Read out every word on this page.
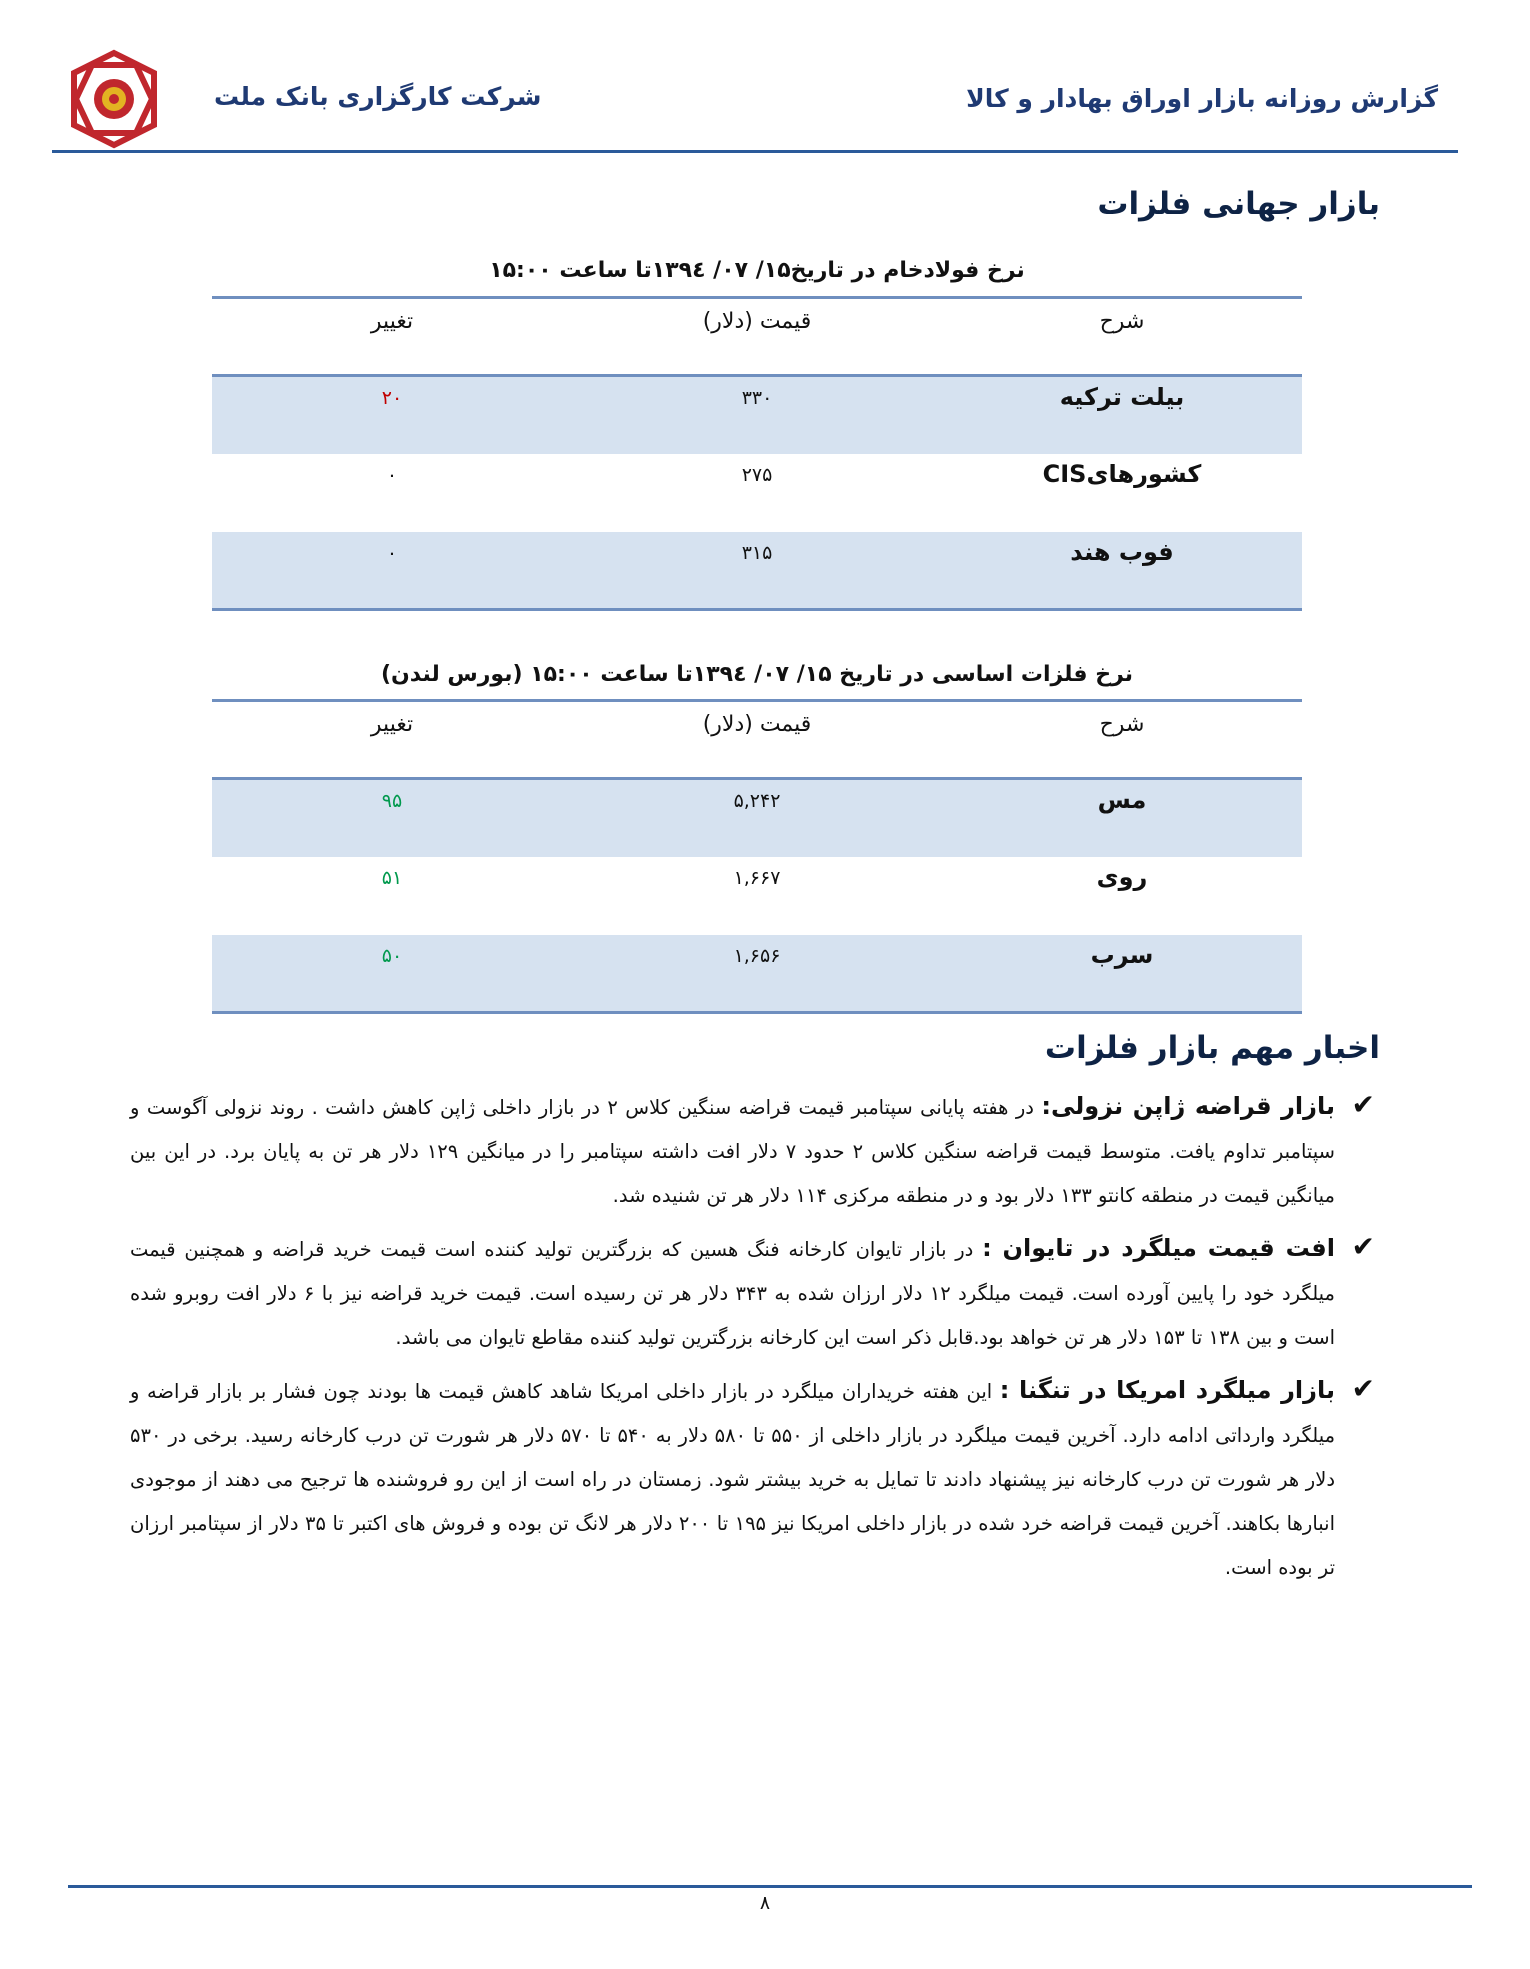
شرکت کارگزاری بانک ملت	گزارش روزانه بازار اوراق بهادار و کالا
بازار جهانی فلزات
نرخ فولادخام در تاریخ۱۵/ ۰۷/ ۱۳۹٤تا ساعت ۱۵:۰۰
تغییر	قیمت (دلار)	شرح
۲۰	۳۳۰	بیلت ترکیه
۰	۲۷۵	کشورهایCIS
۰	۳۱۵	فوب هند
نرخ فلزات اساسی در تاریخ ۱۵/ ۰۷/ ۱۳۹٤تا ساعت ۱۵:۰۰ (بورس لندن)
تغییر	قیمت (دلار)	شرح
۹۵	۵,۲۴۲	مس
۵۱	۱,۶۶۷	روی
۵۰	۱,۶۵۶	سرب
اخبار مهم بازار فلزات
✔
بازار قراضه ژاپن نزولی: در هفته پایانی سپتامبر قیمت قراضه سنگین کلاس ۲ در بازار داخلی ژاپن کاهش داشت . روند نزولی آگوست و سپتامبر تداوم یافت. متوسط قیمت قراضه سنگین کلاس ۲ حدود ۷ دلار افت داشته سپتامبر را در میانگین ۱۲۹ دلار هر تن به پایان برد. در این بین میانگین قیمت در منطقه کانتو ۱۳۳ دلار بود و در منطقه مرکزی ۱۱۴ دلار هر تن شنیده شد.
✔
افت قیمت میلگرد در تایوان : در بازار تایوان کارخانه فنگ هسین که بزرگترین تولید کننده است قیمت خرید قراضه و همچنین قیمت میلگرد خود را پایین آورده است. قیمت میلگرد ۱۲ دلار ارزان شده به ۳۴۳ دلار هر تن رسیده است. قیمت خرید قراضه نیز با ۶ دلار افت روبرو شده است و بین ۱۳۸ تا ۱۵۳ دلار هر تن خواهد بود.قابل ذکر است این کارخانه بزرگترین تولید کننده مقاطع تایوان می باشد.
✔
بازار میلگرد امریکا در تنگنا : این هفته خریداران میلگرد در بازار داخلی امریکا شاهد کاهش قیمت ها بودند چون فشار بر بازار قراضه و میلگرد وارداتی ادامه دارد. آخرین قیمت میلگرد در بازار داخلی از ۵۵۰ تا ۵۸۰ دلار به ۵۴۰ تا ۵۷۰ دلار هر شورت تن درب کارخانه رسید. برخی در ۵۳۰ دلار هر شورت تن درب کارخانه نیز پیشنهاد دادند تا تمایل به خرید بیشتر شود. زمستان در راه است از این رو فروشنده ها ترجیح می دهند از موجودی انبارها بکاهند. آخرین قیمت قراضه خرد شده در بازار داخلی امریکا نیز ۱۹۵ تا ۲۰۰ دلار هر لانگ تن بوده و فروش های اکتبر تا ۳۵ دلار از سپتامبر ارزان تر بوده است.
۸
